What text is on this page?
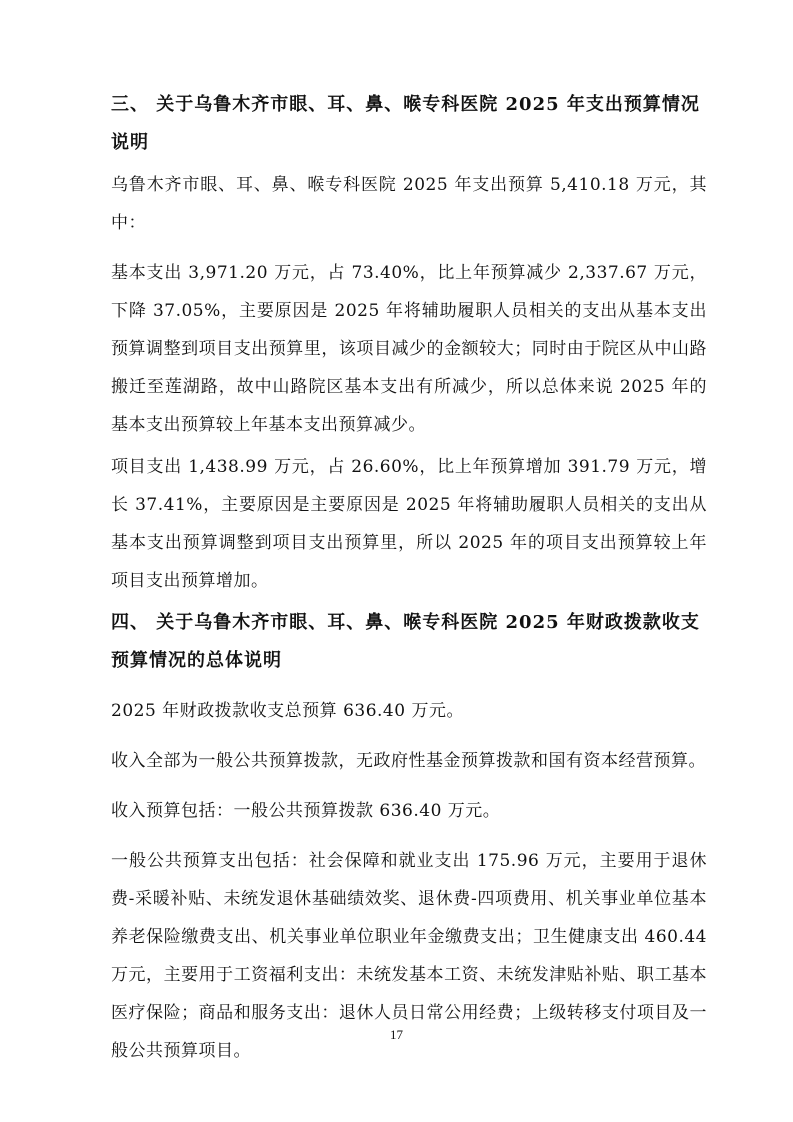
三、 关于乌鲁木齐市眼、耳、鼻、喉专科医院 2025 年支出预算情况说明

乌鲁木齐市眼、耳、鼻、喉专科医院 2025 年支出预算 5,410.18 万元，其中：

基本支出 3,971.20 万元，占 73.40%，比上年预算减少 2,337.67 万元，下降 37.05%，主要原因是 2025 年将辅助履职人员相关的支出从基本支出预算调整到项目支出预算里，该项目减少的金额较大；同时由于院区从中山路搬迁至莲湖路，故中山路院区基本支出有所减少，所以总体来说 2025 年的基本支出预算较上年基本支出预算减少。

项目支出 1,438.99 万元，占 26.60%，比上年预算增加 391.79 万元，增长 37.41%，主要原因是主要原因是 2025 年将辅助履职人员相关的支出从基本支出预算调整到项目支出预算里，所以 2025 年的项目支出预算较上年项目支出预算增加。

四、 关于乌鲁木齐市眼、耳、鼻、喉专科医院 2025 年财政拨款收支预算情况的总体说明

2025 年财政拨款收支总预算 636.40 万元。

收入全部为一般公共预算拨款，无政府性基金预算拨款和国有资本经营预算。

收入预算包括：一般公共预算拨款 636.40 万元。

一般公共预算支出包括：社会保障和就业支出 175.96 万元，主要用于退休费-采暖补贴、未统发退休基础绩效奖、退休费-四项费用、机关事业单位基本养老保险缴费支出、机关事业单位职业年金缴费支出；卫生健康支出 460.44 万元，主要用于工资福利支出：未统发基本工资、未统发津贴补贴、职工基本医疗保险；商品和服务支出：退休人员日常公用经费；上级转移支付项目及一般公共预算项目。

17
